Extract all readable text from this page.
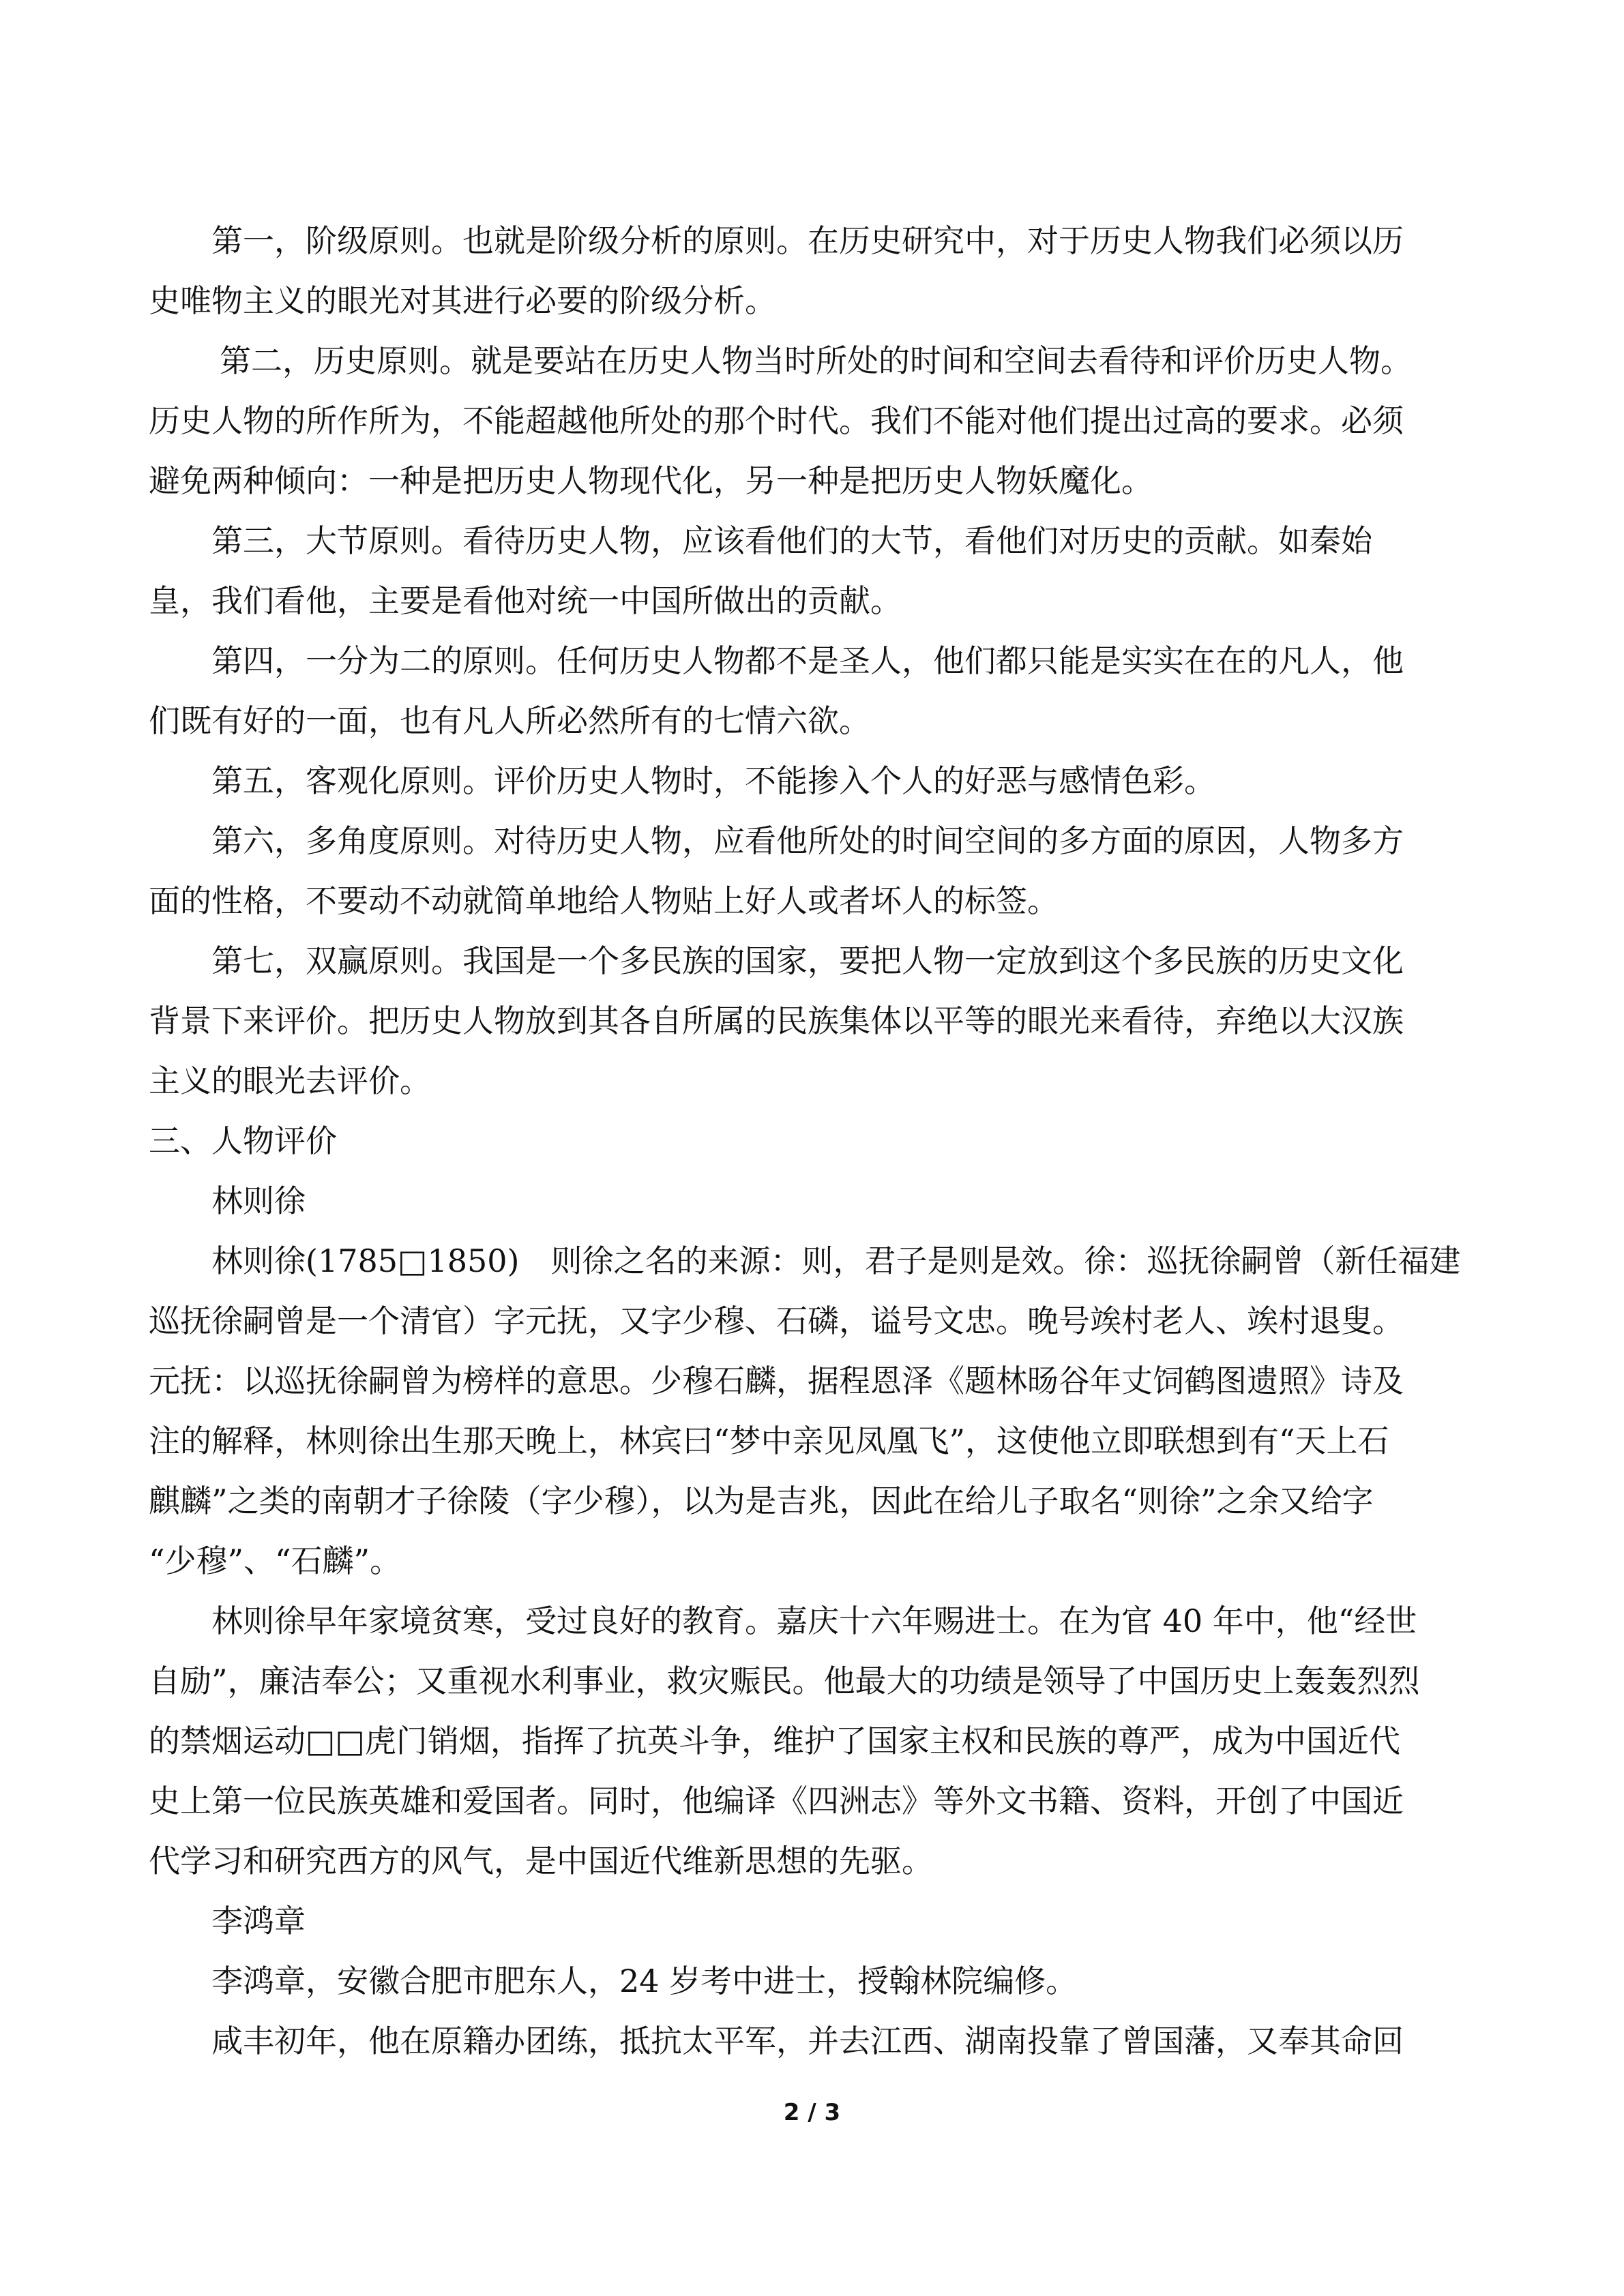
第一，阶级原则。也就是阶级分析的原则。在历史研究中，对于历史人物我们必须以历
史唯物主义的眼光对其进行必要的阶级分析。
第二，历史原则。就是要站在历史人物当时所处的时间和空间去看待和评价历史人物。
历史人物的所作所为，不能超越他所处的那个时代。我们不能对他们提出过高的要求。必须
避免两种倾向：一种是把历史人物现代化，另一种是把历史人物妖魔化。
第三，大节原则。看待历史人物，应该看他们的大节，看他们对历史的贡献。如秦始
皇，我们看他，主要是看他对统一中国所做出的贡献。
第四，一分为二的原则。任何历史人物都不是圣人，他们都只能是实实在在的凡人，他
们既有好的一面，也有凡人所必然所有的七情六欲。
第五，客观化原则。评价历史人物时，不能掺入个人的好恶与感情色彩。
第六，多角度原则。对待历史人物，应看他所处的时间空间的多方面的原因，人物多方
面的性格，不要动不动就简单地给人物贴上好人或者坏人的标签。
第七，双赢原则。我国是一个多民族的国家，要把人物一定放到这个多民族的历史文化
背景下来评价。把历史人物放到其各自所属的民族集体以平等的眼光来看待，弃绝以大汉族
主义的眼光去评价。
三、人物评价
林则徐
林则徐(1785□1850)　则徐之名的来源：则，君子是则是效。徐：巡抚徐嗣曾（新任福建
巡抚徐嗣曾是一个清官）字元抚，又字少穆、石磷，谥号文忠。晚号竢村老人、竢村退叟。
元抚：以巡抚徐嗣曾为榜样的意思。少穆石麟，据程恩泽《题林旸谷年丈饲鹤图遗照》诗及
注的解释，林则徐出生那天晚上，林宾曰“梦中亲见凤凰飞”，这使他立即联想到有“天上石
麒麟”之类的南朝才子徐陵（字少穆），以为是吉兆，因此在给儿子取名“则徐”之余又给字
“少穆”、“石麟”。
林则徐早年家境贫寒，受过良好的教育。嘉庆十六年赐进士。在为官 40 年中，他“经世
自励”，廉洁奉公；又重视水利事业，救灾赈民。他最大的功绩是领导了中国历史上轰轰烈烈
的禁烟运动□□虎门销烟，指挥了抗英斗争，维护了国家主权和民族的尊严，成为中国近代
史上第一位民族英雄和爱国者。同时，他编译《四洲志》等外文书籍、资料，开创了中国近
代学习和研究西方的风气，是中国近代维新思想的先驱。
李鸿章
李鸿章，安徽合肥市肥东人，24 岁考中进士，授翰林院编修。
咸丰初年，他在原籍办团练，抵抗太平军，并去江西、湖南投靠了曾国藩，又奉其命回
2 / 3
